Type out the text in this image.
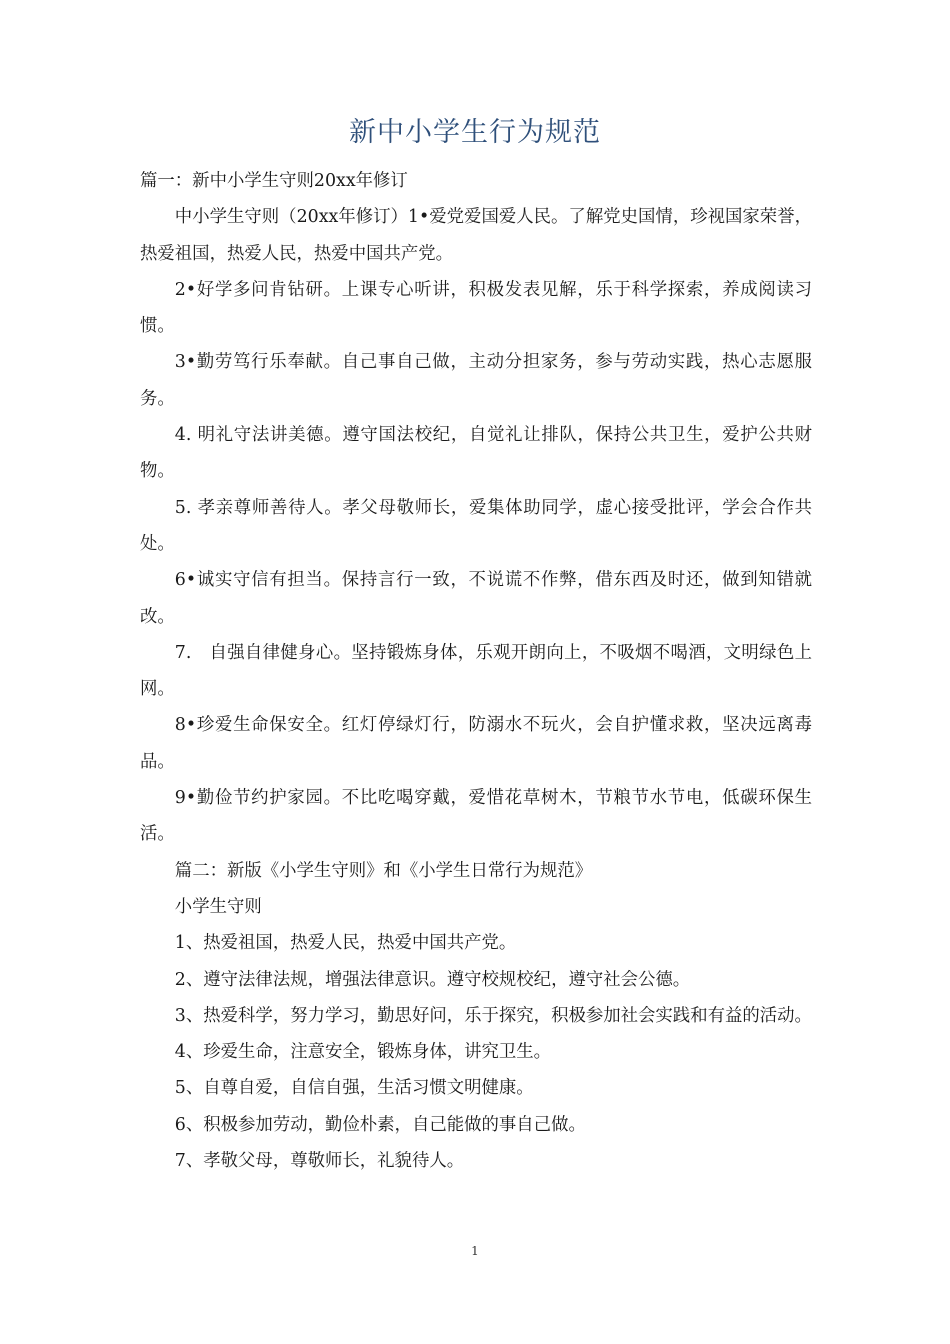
新中小学生行为规范

篇一：新中小学生守则20xx年修订

中小学生守则（20xx年修订）1•爱党爱国爱人民。了解党史国情，珍视国家荣誉，热爱祖国，热爱人民，热爱中国共产党。

2•好学多问肯钻研。上课专心听讲，积极发表见解，乐于科学探索，养成阅读习惯。

3•勤劳笃行乐奉献。自己事自己做，主动分担家务，参与劳动实践，热心志愿服务。

4. 明礼守法讲美德。遵守国法校纪，自觉礼让排队，保持公共卫生，爱护公共财物。

5. 孝亲尊师善待人。孝父母敬师长，爱集体助同学，虚心接受批评，学会合作共处。

6•诚实守信有担当。保持言行一致，不说谎不作弊，借东西及时还，做到知错就改。

7.　自强自律健身心。坚持锻炼身体，乐观开朗向上，不吸烟不喝酒，文明绿色上网。

8•珍爱生命保安全。红灯停绿灯行，防溺水不玩火，会自护懂求救，坚决远离毒品。

9•勤俭节约护家园。不比吃喝穿戴，爱惜花草树木，节粮节水节电，低碳环保生活。

篇二：新版《小学生守则》和《小学生日常行为规范》

小学生守则

1、热爱祖国，热爱人民，热爱中国共产党。

2、遵守法律法规，增强法律意识。遵守校规校纪，遵守社会公德。

3、热爱科学，努力学习，勤思好问，乐于探究，积极参加社会实践和有益的活动。

4、珍爱生命，注意安全，锻炼身体，讲究卫生。

5、自尊自爱，自信自强，生活习惯文明健康。

6、积极参加劳动，勤俭朴素，自己能做的事自己做。

7、孝敬父母，尊敬师长，礼貌待人。

1
